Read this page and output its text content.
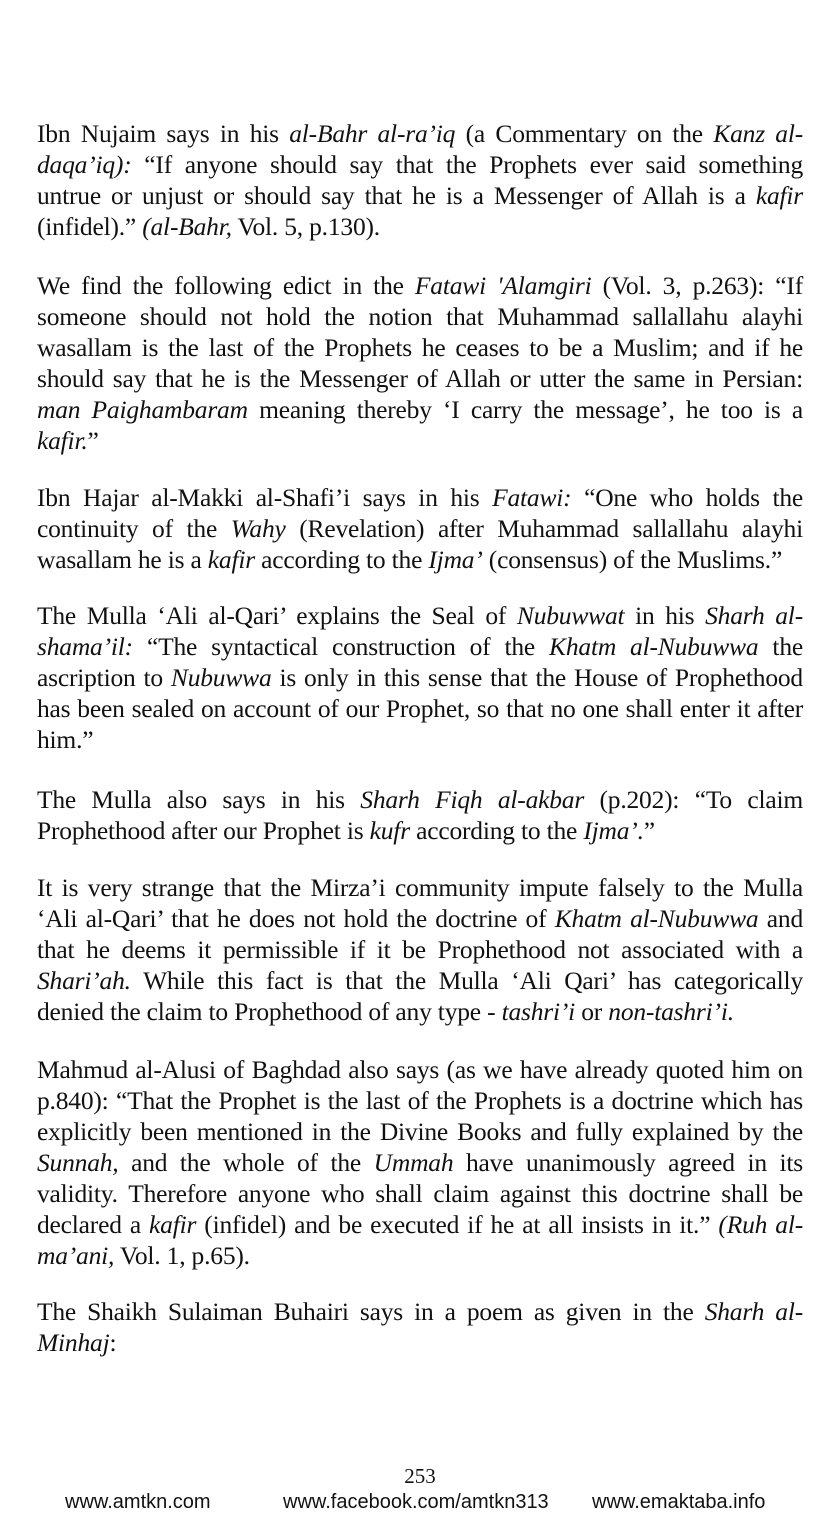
Ibn Nujaim says in his al-Bahr al-ra’iq (a Commentary on the Kanz al-daqa’iq): “If anyone should say that the Prophets ever said something untrue or unjust or should say that he is a Messenger of Allah is a kafir (infidel).” (al-Bahr, Vol. 5, p.130).

We find the following edict in the Fatawi 'Alamgiri (Vol. 3, p.263): “If someone should not hold the notion that Muhammad sallallahu alayhi wasallam is the last of the Prophets he ceases to be a Muslim; and if he should say that he is the Messenger of Allah or utter the same in Persian: man Paighambaram meaning thereby ‘I carry the message’, he too is a kafir.”

Ibn Hajar al-Makki al-Shafi’i says in his Fatawi: “One who holds the continuity of the Wahy (Revelation) after Muhammad sallallahu alayhi wasallam he is a kafir according to the Ijma’ (consensus) of the Muslims.”

The Mulla ‘Ali al-Qari’ explains the Seal of Nubuwwat in his Sharh al-shama’il: “The syntactical construction of the Khatm al-Nubuwwa the ascription to Nubuwwa is only in this sense that the House of Prophethood has been sealed on account of our Prophet, so that no one shall enter it after him.”

The Mulla also says in his Sharh Fiqh al-akbar (p.202): “To claim Prophethood after our Prophet is kufr according to the Ijma’.”

It is very strange that the Mirza’i community impute falsely to the Mulla ‘Ali al-Qari’ that he does not hold the doctrine of Khatm al-Nubuwwa and that he deems it permissible if it be Prophethood not associated with a Shari’ah. While this fact is that the Mulla ‘Ali Qari’ has categorically denied the claim to Prophethood of any type - tashri’i or non-tashri’i.

Mahmud al-Alusi of Baghdad also says (as we have already quoted him on p.840): “That the Prophet is the last of the Prophets is a doctrine which has explicitly been mentioned in the Divine Books and fully explained by the Sunnah, and the whole of the Ummah have unanimously agreed in its validity. Therefore anyone who shall claim against this doctrine shall be declared a kafir (infidel) and be executed if he at all insists in it.” (Ruh al-ma’ani, Vol. 1, p.65).

The Shaikh Sulaiman Buhairi says in a poem as given in the Sharh al-Minhaj:

253
www.amtkn.com	www.facebook.com/amtkn313 www.emaktaba.info
